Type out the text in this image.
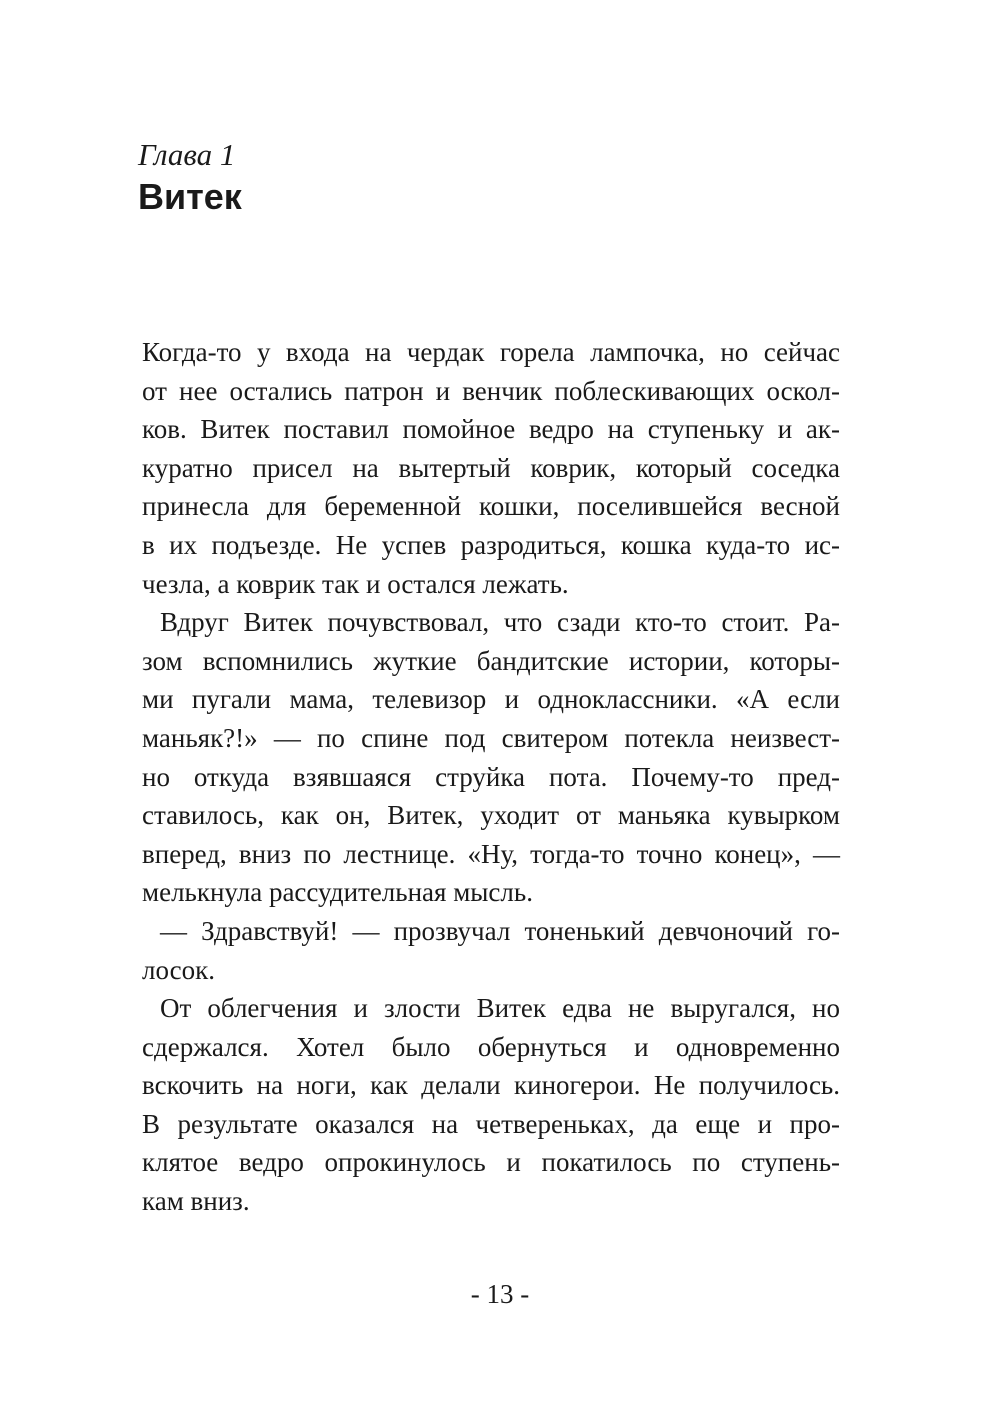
Глава 1
Витек
Когда-то у входа на чердак горела лампочка, но сейчас
от нее остались патрон и венчик поблескивающих оскол-
ков. Витек поставил помойное ведро на ступеньку и ак-
куратно присел на вытертый коврик, который соседка
принесла для беременной кошки, поселившейся весной
в их подъезде. Не успев разродиться, кошка куда-то ис-
чезла, а коврик так и остался лежать.
Вдруг Витек почувствовал, что сзади кто-то стоит. Ра-
зом вспомнились жуткие бандитские истории, которы-
ми пугали мама, телевизор и одноклассники. «А если
маньяк?!» — по спине под свитером потекла неизвест-
но откуда взявшаяся струйка пота. Почему-то пред-
ставилось, как он, Витек, уходит от маньяка кувырком
вперед, вниз по лестнице. «Ну, тогда-то точно конец», —
мелькнула рассудительная мысль.
— Здравствуй! — прозвучал тоненький девчоночий го-
лосок.
От облегчения и злости Витек едва не выругался, но
сдержался. Хотел было обернуться и одновременно
вскочить на ноги, как делали киногерои. Не получилось.
В результате оказался на четвереньках, да еще и про-
клятое ведро опрокинулось и покатилось по ступень-
кам вниз.
- 13 -
